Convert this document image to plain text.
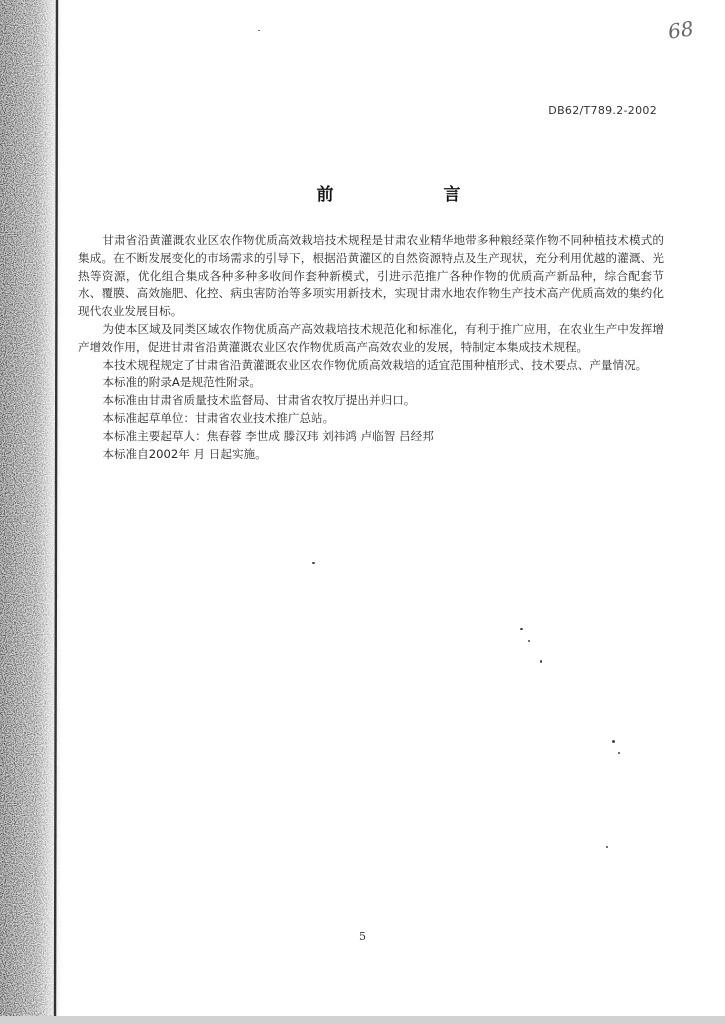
68
DB62/T789.2-2002
前 言

甘肃省沿黄灌溉农业区农作物优质高效栽培技术规程是甘肃农业精华地带多种粮经菜作物不同种植技术模式的集成。在不断发展变化的市场需求的引导下，根据沿黄灌区的自然资源特点及生产现状，充分利用优越的灌溉、光热等资源，优化组合集成各种多种多收间作套种新模式，引进示范推广各种作物的优质高产新品种，综合配套节水、覆膜、高效施肥、化控、病虫害防治等多项实用新技术，实现甘肃水地农作物生产技术高产优质高效的集约化现代农业发展目标。

为使本区域及同类区域农作物优质高产高效栽培技术规范化和标准化，有利于推广应用，在农业生产中发挥增产增效作用，促进甘肃省沿黄灌溉农业区农作物优质高产高效农业的发展，特制定本集成技术规程。

本技术规程规定了甘肃省沿黄灌溉农业区农作物优质高效栽培的适宜范围种植形式、技术要点、产量情况。

本标准的附录A是规范性附录。

本标准由甘肃省质量技术监督局、甘肃省农牧厅提出并归口。

本标准起草单位：甘肃省农业技术推广总站。

本标准主要起草人：焦春蓉 李世成 滕汉玮 刘祎鸿 卢临智 吕经邦

本标准自2002年 月 日起实施。

5
